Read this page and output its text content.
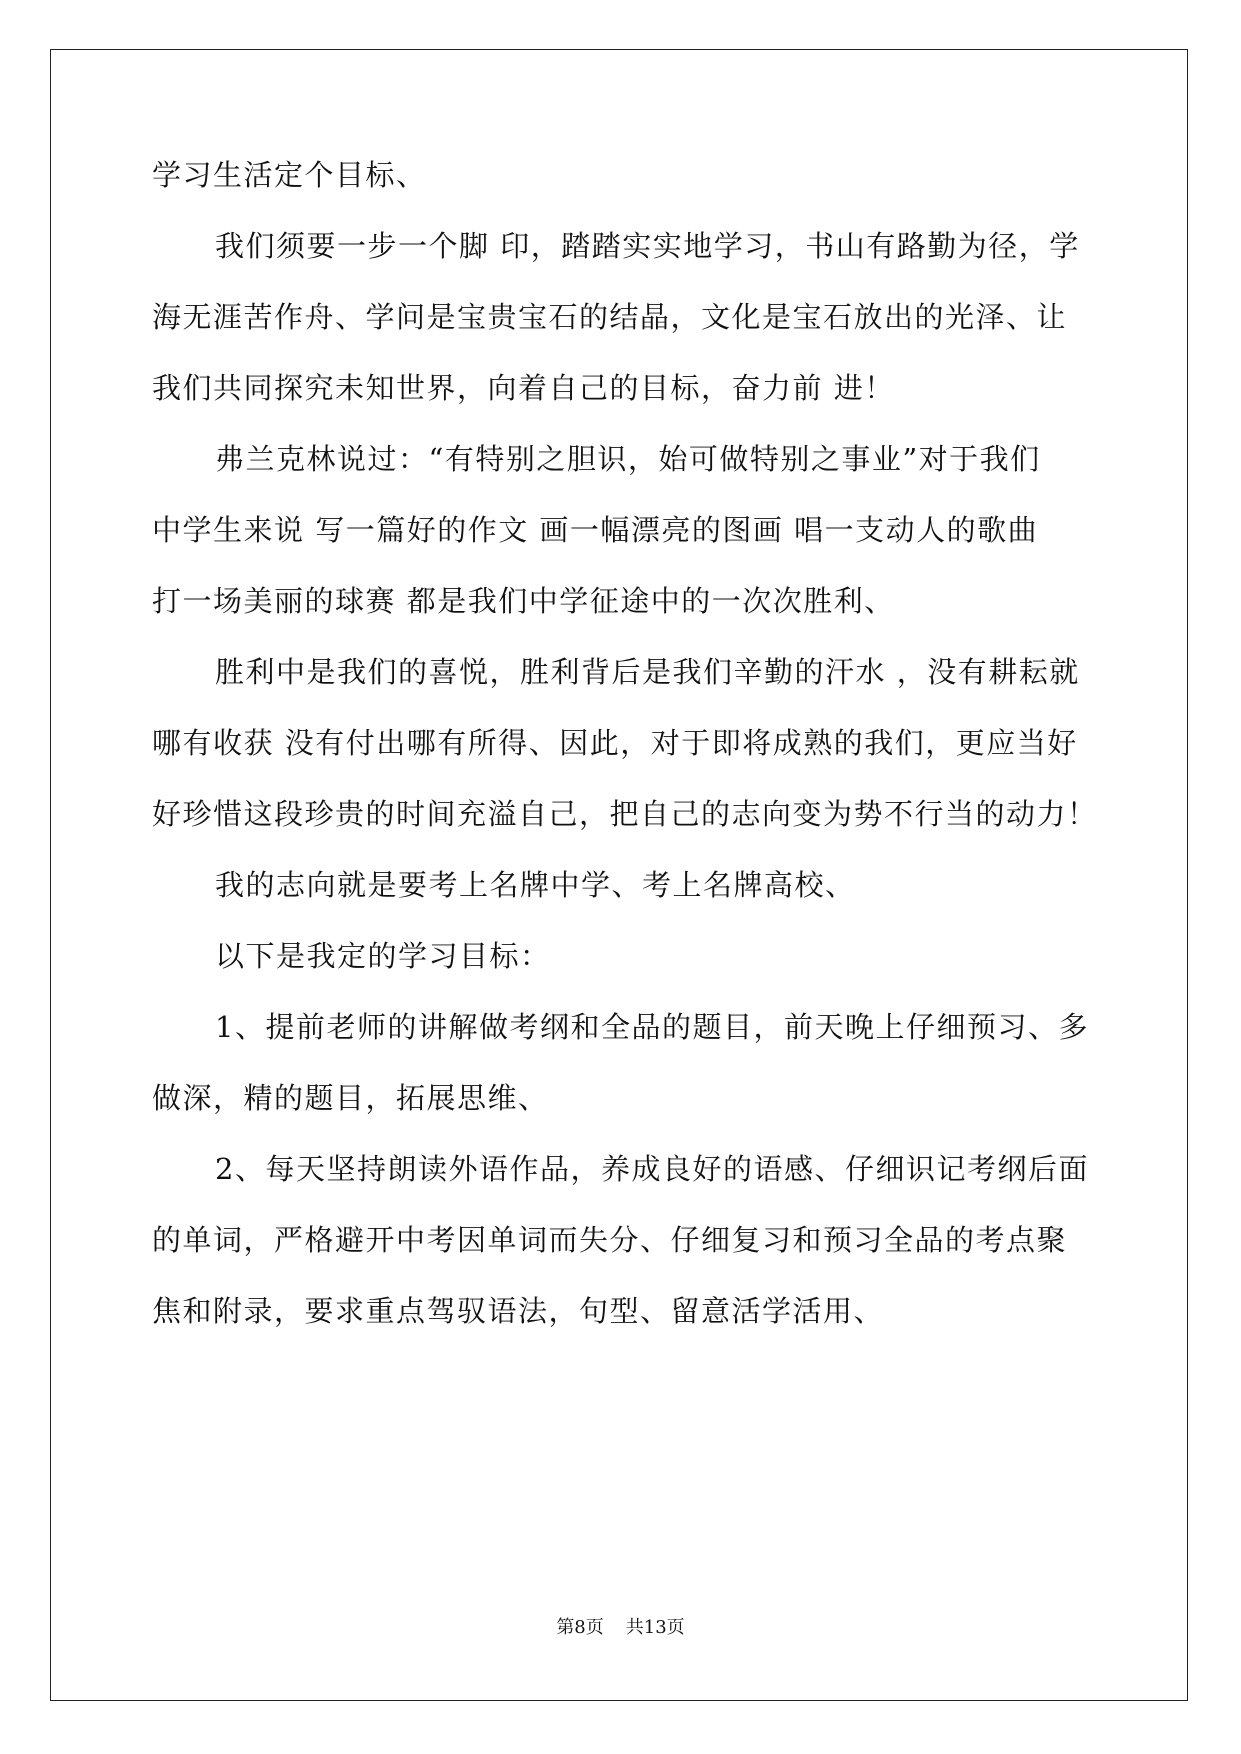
学习生活定个目标、
我们须要一步一个脚 印，踏踏实实地学习，书山有路勤为径，学
海无涯苦作舟、学问是宝贵宝石的结晶，文化是宝石放出的光泽、让
我们共同探究未知世界，向着自己的目标，奋力前 进！
弗兰克林说过：“有特别之胆识，始可做特别之事业”对于我们
中学生来说 写一篇好的作文 画一幅漂亮的图画 唱一支动人的歌曲
打一场美丽的球赛 都是我们中学征途中的一次次胜利、
胜利中是我们的喜悦，胜利背后是我们辛勤的汗水 ，没有耕耘就
哪有收获 没有付出哪有所得、因此，对于即将成熟的我们，更应当好
好珍惜这段珍贵的时间充溢自己，把自己的志向变为势不行当的动力！
我的志向就是要考上名牌中学、考上名牌高校、
以下是我定的学习目标：
1、提前老师的讲解做考纲和全品的题目，前天晚上仔细预习、多
做深，精的题目，拓展思维、
2、每天坚持朗读外语作品，养成良好的语感、仔细识记考纲后面
的单词，严格避开中考因单词而失分、仔细复习和预习全品的考点聚
焦和附录，要求重点驾驭语法，句型、留意活学活用、
第8页 共13页
